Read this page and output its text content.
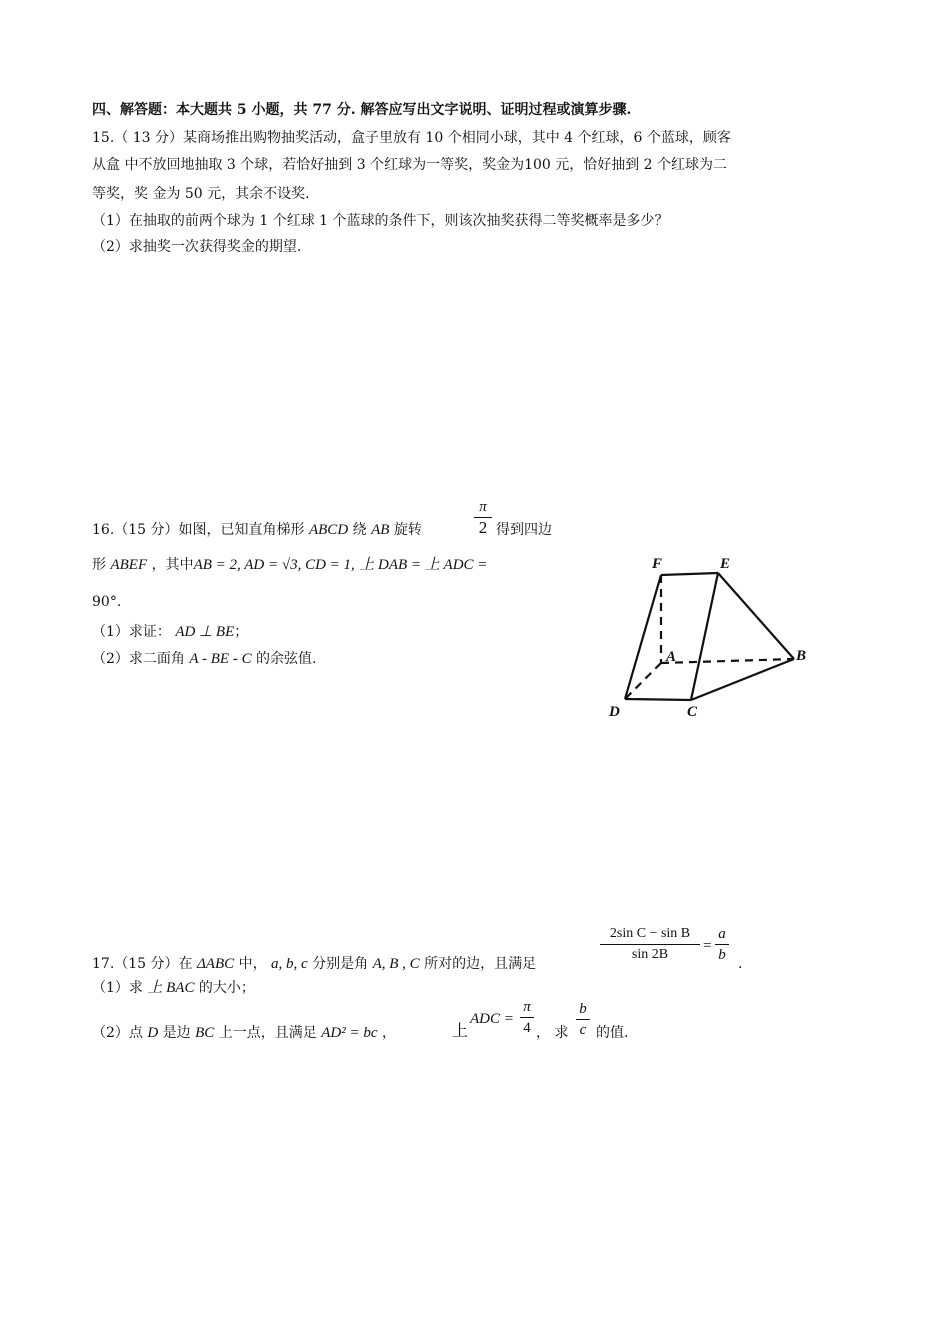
四、解答题：本大题共 5 小题，共 77 分. 解答应写出文字说明、证明过程或演算步骤.
15.（ 13 分）某商场推出购物抽奖活动，盒子里放有 10 个相同小球，其中 4 个红球，6 个蓝球，顾客
从盒 中不放回地抽取 3 个球，若恰好抽到 3 个红球为一等奖，奖金为100 元，恰好抽到 2 个红球为二
等奖，奖 金为 50 元，其余不设奖.
（1）在抽取的前两个球为 1 个红球 1 个蓝球的条件下，则该次抽奖获得二等奖概率是多少？
（2）求抽奖一次获得奖金的期望.
π
2
16.（15 分）如图，已知直角梯形 ABCD 绕 AB 旋转	得到四边
形 ABEF ，其中AB = 2, AD = √3, CD = 1, 上 DAB = 上 ADC =
90°.
（1）求证： AD ⊥ BE；
（2）求二面角 A - BE - C 的余弦值.
F	E
A	B
D	C
2sin C − sin B
sin 2B
=
a
b
17.（15 分）在 ΔABC 中， a, b, c 分别是角 A, B , C 所对的边，且满足	.
（1）求 上 BAC 的大小；
（2）点 D 是边 BC 上一点，且满足 AD² = bc ，	上
ADC =
π
4 ， 求
b
c 的值.
